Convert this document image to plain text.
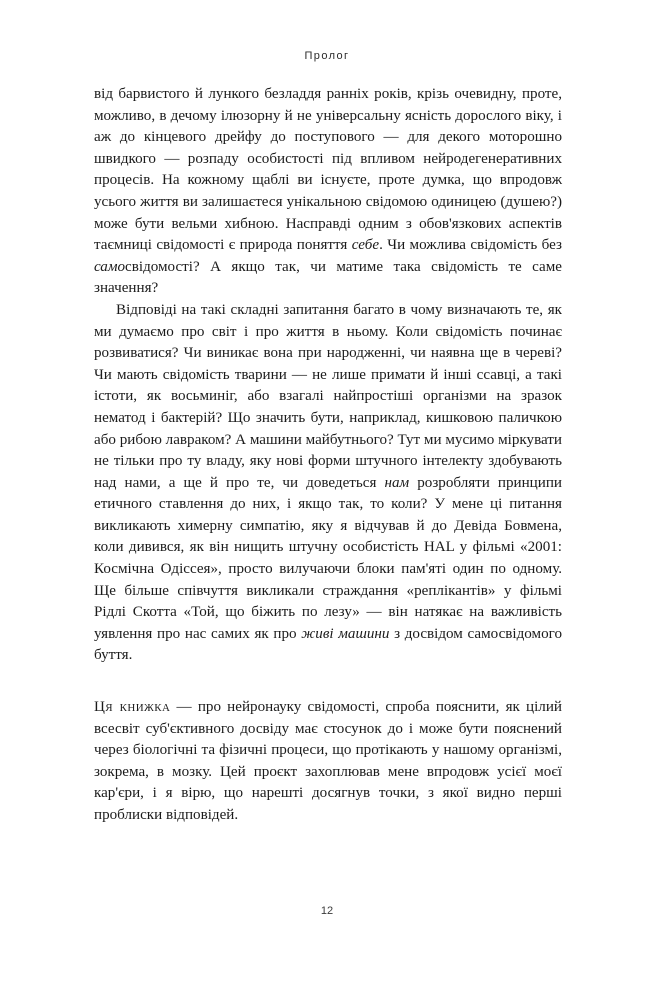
Пролог

від барвистого й лункого безладдя ранніх років, крізь очевидну, проте, можливо, в дечому ілюзорну й не універсальну ясність дорослого віку, і аж до кінцевого дрейфу до поступового — для декого моторошно швидкого — розпаду особистості під впливом нейродегенеративних процесів. На кожному щаблі ви існуєте, проте думка, що впродовж усього життя ви залишаєтеся унікальною свідомою одиницею (душею?) може бути вельми хибною. Насправді одним з обов'язкових аспектів таємниці свідомості є природа поняття себе. Чи можлива свідомість без самосвідомості? А якщо так, чи матиме така свідомість те саме значення?

Відповіді на такі складні запитання багато в чому визначають те, як ми думаємо про світ і про життя в ньому. Коли свідомість починає розвиватися? Чи виникає вона при народженні, чи наявна ще в череві? Чи мають свідомість тварини — не лише примати й інші ссавці, а такі істоти, як восьминіг, або взагалі найпростіші організми на зразок нематод і бактерій? Що значить бути, наприклад, кишковою паличкою або рибою лавраком? А машини майбутнього? Тут ми мусимо міркувати не тільки про ту владу, яку нові форми штучного інтелекту здобувають над нами, а ще й про те, чи доведеться нам розробляти принципи етичного ставлення до них, і якщо так, то коли? У мене ці питання викликають химерну симпатію, яку я відчував й до Девіда Бовмена, коли дивився, як він нищить штучну особистість HAL у фільмі «2001: Космічна Одіссея», просто вилучаючи блоки пам'яті один по одному. Ще більше співчуття викликали страждання «реплікантів» у фільмі Рідлі Скотта «Той, що біжить по лезу» — він натякає на важливість уявлення про нас самих як про живі машини з досвідом самосвідомого буття.

Ця книжка — про нейронауку свідомості, спроба пояснити, як цілий всесвіт суб'єктивного досвіду має стосунок до і може бути пояснений через біологічні та фізичні процеси, що протікають у нашому організмі, зокрема, в мозку. Цей проєкт захоплював мене впродовж усієї моєї кар'єри, і я вірю, що нарешті досягнув точки, з якої видно перші проблиски відповідей.

12
